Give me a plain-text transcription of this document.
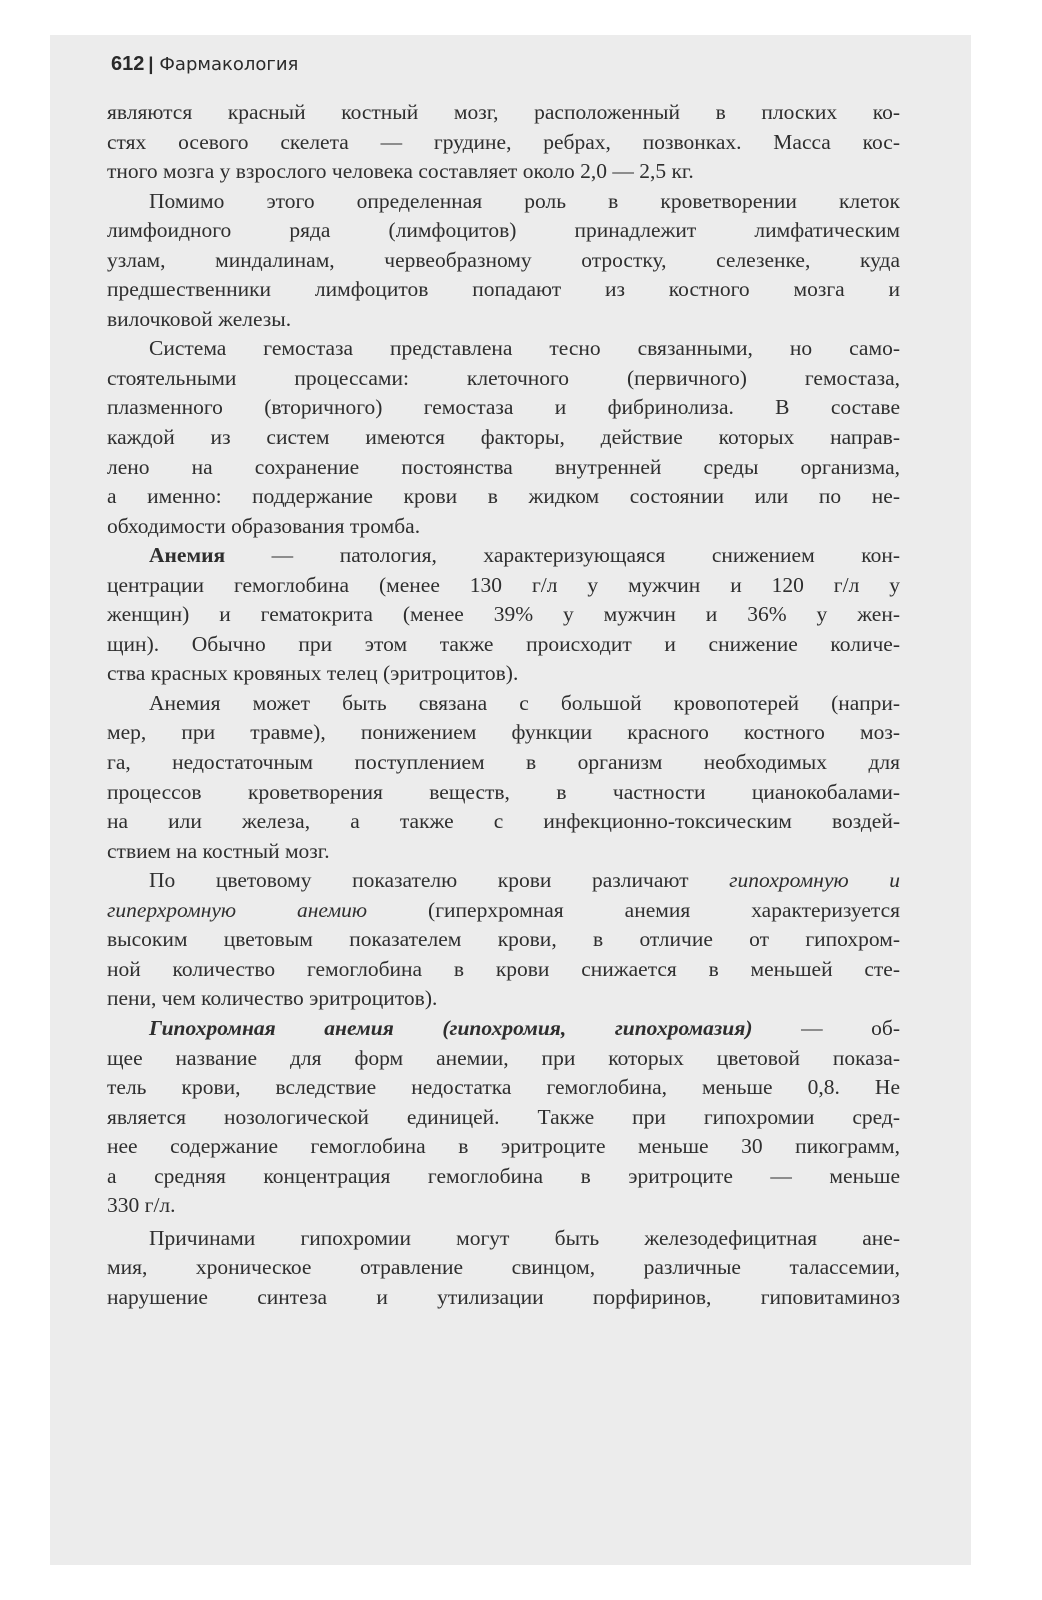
612 | Фармакология

являются красный костный мозг, расположенный в плоских ко-
стях осевого скелета — грудине, ребрах, позвонках. Масса кос-
тного мозга у взрослого человека составляет около 2,0 — 2,5 кг.

Помимо этого определенная роль в кроветворении клеток
лимфоидного ряда (лимфоцитов) принадлежит лимфатическим
узлам, миндалинам, червеобразному отростку, селезенке, куда
предшественники лимфоцитов попадают из костного мозга и
вилочковой железы.

Система гемостаза представлена тесно связанными, но само-
стоятельными процессами: клеточного (первичного) гемостаза,
плазменного (вторичного) гемостаза и фибринолиза. В составе
каждой из систем имеются факторы, действие которых направ-
лено на сохранение постоянства внутренней среды организма,
а именно: поддержание крови в жидком состоянии или по не-
обходимости образования тромба.

Анемия — патология, характеризующаяся снижением кон-
центрации гемоглобина (менее 130 г/л у мужчин и 120 г/л у
женщин) и гематокрита (менее 39% у мужчин и 36% у жен-
щин). Обычно при этом также происходит и снижение количе-
ства красных кровяных телец (эритроцитов).

Анемия может быть связана с большой кровопотерей (напри-
мер, при травме), понижением функции красного костного моз-
га, недостаточным поступлением в организм необходимых для
процессов кроветворения веществ, в частности цианокобалами-
на или железа, а также с инфекционно-токсическим воздей-
ствием на костный мозг.

По цветовому показателю крови различают гипохромную и
гиперхромную анемию (гиперхромная анемия характеризуется
высоким цветовым показателем крови, в отличие от гипохром-
ной количество гемоглобина в крови снижается в меньшей сте-
пени, чем количество эритроцитов).

Гипохромная анемия (гипохромия, гипохромазия) — об-
щее название для форм анемии, при которых цветовой показа-
тель крови, вследствие недостатка гемоглобина, меньше 0,8. Не
является нозологической единицей. Также при гипохромии сред-
нее содержание гемоглобина в эритроците меньше 30 пикограмм,
а средняя концентрация гемоглобина в эритроците — меньше
330 г/л.

Причинами гипохромии могут быть железодефицитная ане-
мия, хроническое отравление свинцом, различные талассемии,
нарушение синтеза и утилизации порфиринов, гиповитаминоз
